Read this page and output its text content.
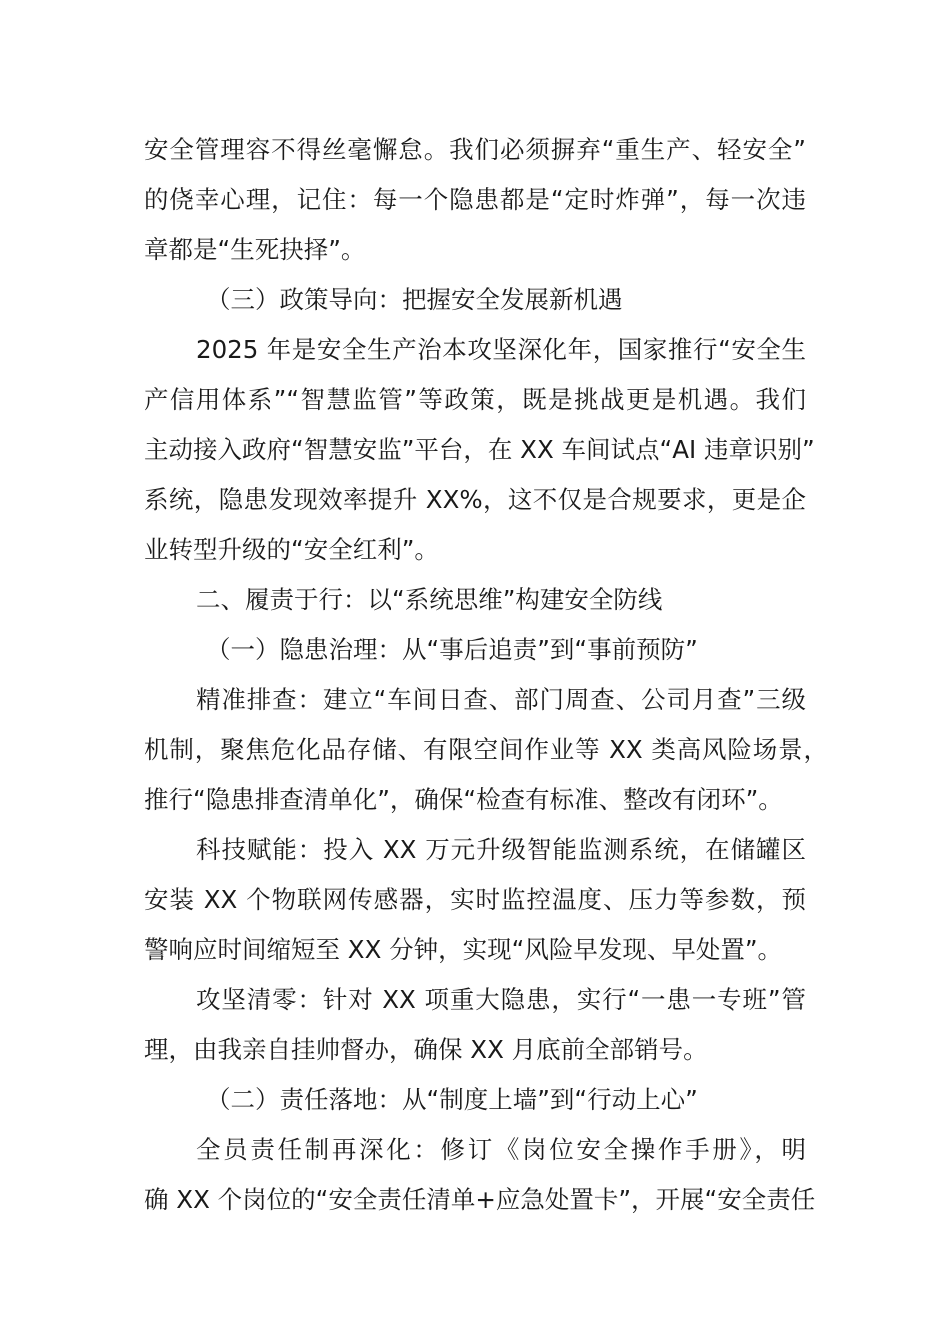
安全管理容不得丝毫懈怠。我们必须摒弃“重生产、轻安全”
的侥幸心理，记住：每一个隐患都是“定时炸弹”，每一次违
章都是“生死抉择”。
（三）政策导向：把握安全发展新机遇
2025 年是安全生产治本攻坚深化年，国家推行“安全生
产信用体系”“智慧监管”等政策，既是挑战更是机遇。我们
主动接入政府“智慧安监”平台，在 XX 车间试点“AI 违章识别”
系统，隐患发现效率提升 XX%，这不仅是合规要求，更是企
业转型升级的“安全红利”。
二、履责于行：以“系统思维”构建安全防线
（一）隐患治理：从“事后追责”到“事前预防”
精准排查：建立“车间日查、部门周查、公司月查”三级
机制，聚焦危化品存储、有限空间作业等 XX 类高风险场景，
推行“隐患排查清单化”，确保“检查有标准、整改有闭环”。
科技赋能：投入 XX 万元升级智能监测系统，在储罐区
安装 XX 个物联网传感器，实时监控温度、压力等参数，预
警响应时间缩短至 XX 分钟，实现“风险早发现、早处置”。
攻坚清零：针对 XX 项重大隐患，实行“一患一专班”管
理，由我亲自挂帅督办，确保 XX 月底前全部销号。
（二）责任落地：从“制度上墙”到“行动上心”
全员责任制再深化：修订《岗位安全操作手册》，明
确 XX 个岗位的“安全责任清单+应急处置卡”，开展“安全责任
